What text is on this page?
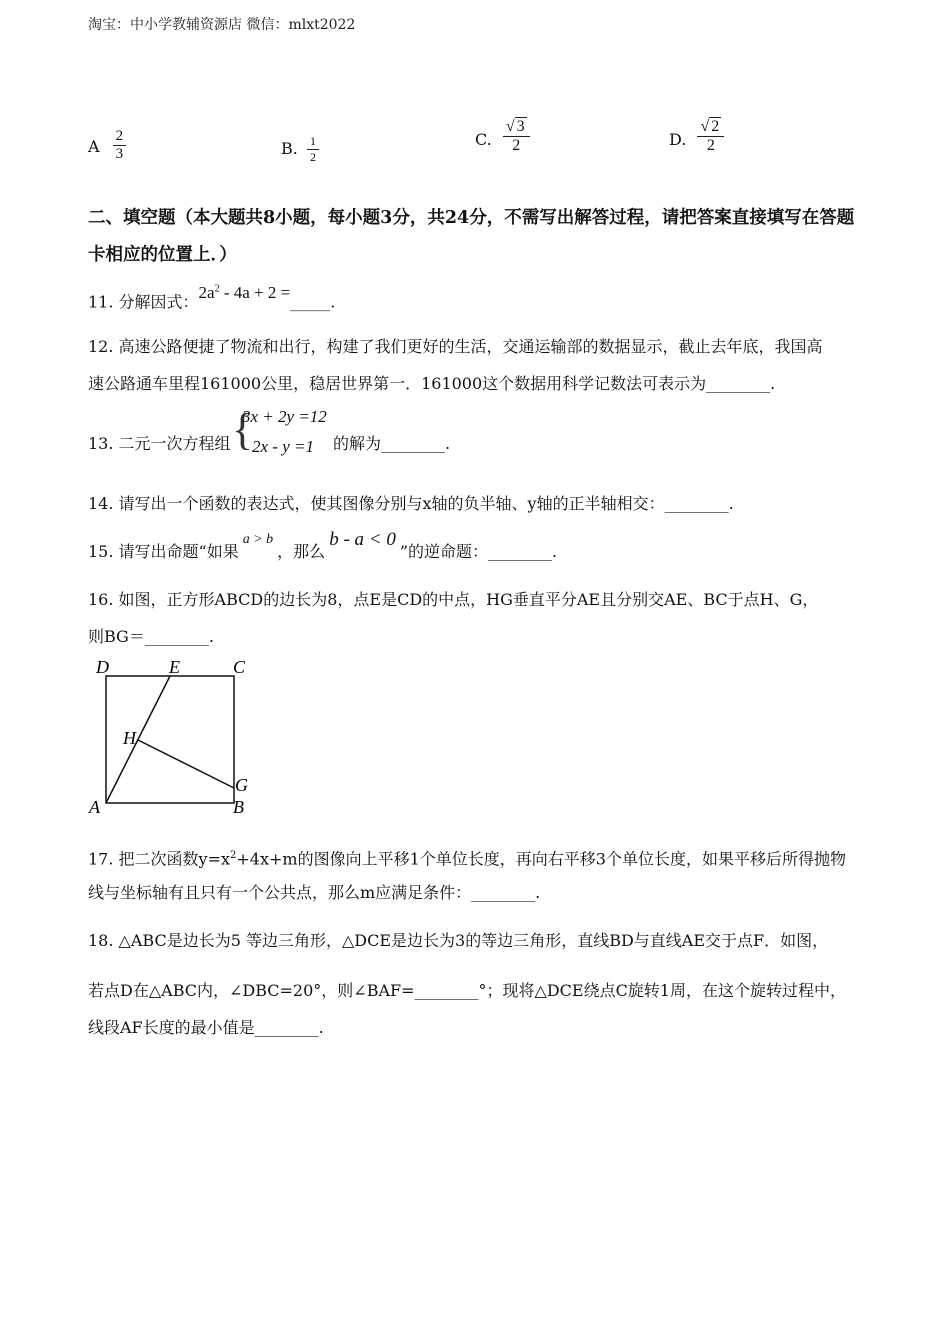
淘宝：中小学教辅资源店 微信：mlxt2022
A $\frac{2}{3}$	B. $\frac{1}{2}$	C. $\frac{√ 3}{2}$	D. $\frac{√ 2}{2}$
二、填空题（本大题共8小题，每小题3分，共24分，不需写出解答过程，请把答案直接填写在答题卡相应的位置上．）
11. 分解因式：$2a^2 - 4a + 2$ =_____.
12. 高速公路便捷了物流和出行，构建了我们更好的生活，交通运输部的数据显示，截止去年底，我国高
速公路通车里程161000公里，稳居世界第一．161000这个数据用科学记数法可表示为________.
13. 二元一次方程组 {
3x + 2y =12
2x - y =1 的解为________.
14. 请写出一个函数的表达式，使其图像分别与x轴的负半轴、y轴的正半轴相交：________.
15. 请写出命题“如果a > b，那么b - a < 0”的逆命题：________.
16. 如图，正方形ABCD的边长为8，点E是CD的中点，HG垂直平分AE且分别交AE、BC于点H、G，
则BG＝________.
D	E	C
H
G
A	B
17. 把二次函数$y=x^2+4x+m$的图像向上平移1个单位长度，再向右平移3个单位长度，如果平移后所得抛物
线与坐标轴有且只有一个公共点，那么m应满足条件：________.
18. △ABC是边长为5 等边三角形，△DCE是边长为3的等边三角形，直线BD与直线AE交于点F．如图，
若点D在△ABC内，∠DBC=20°，则∠BAF=________°；现将△DCE绕点C旋转1周，在这个旋转过程中，
线段AF长度的最小值是________.
